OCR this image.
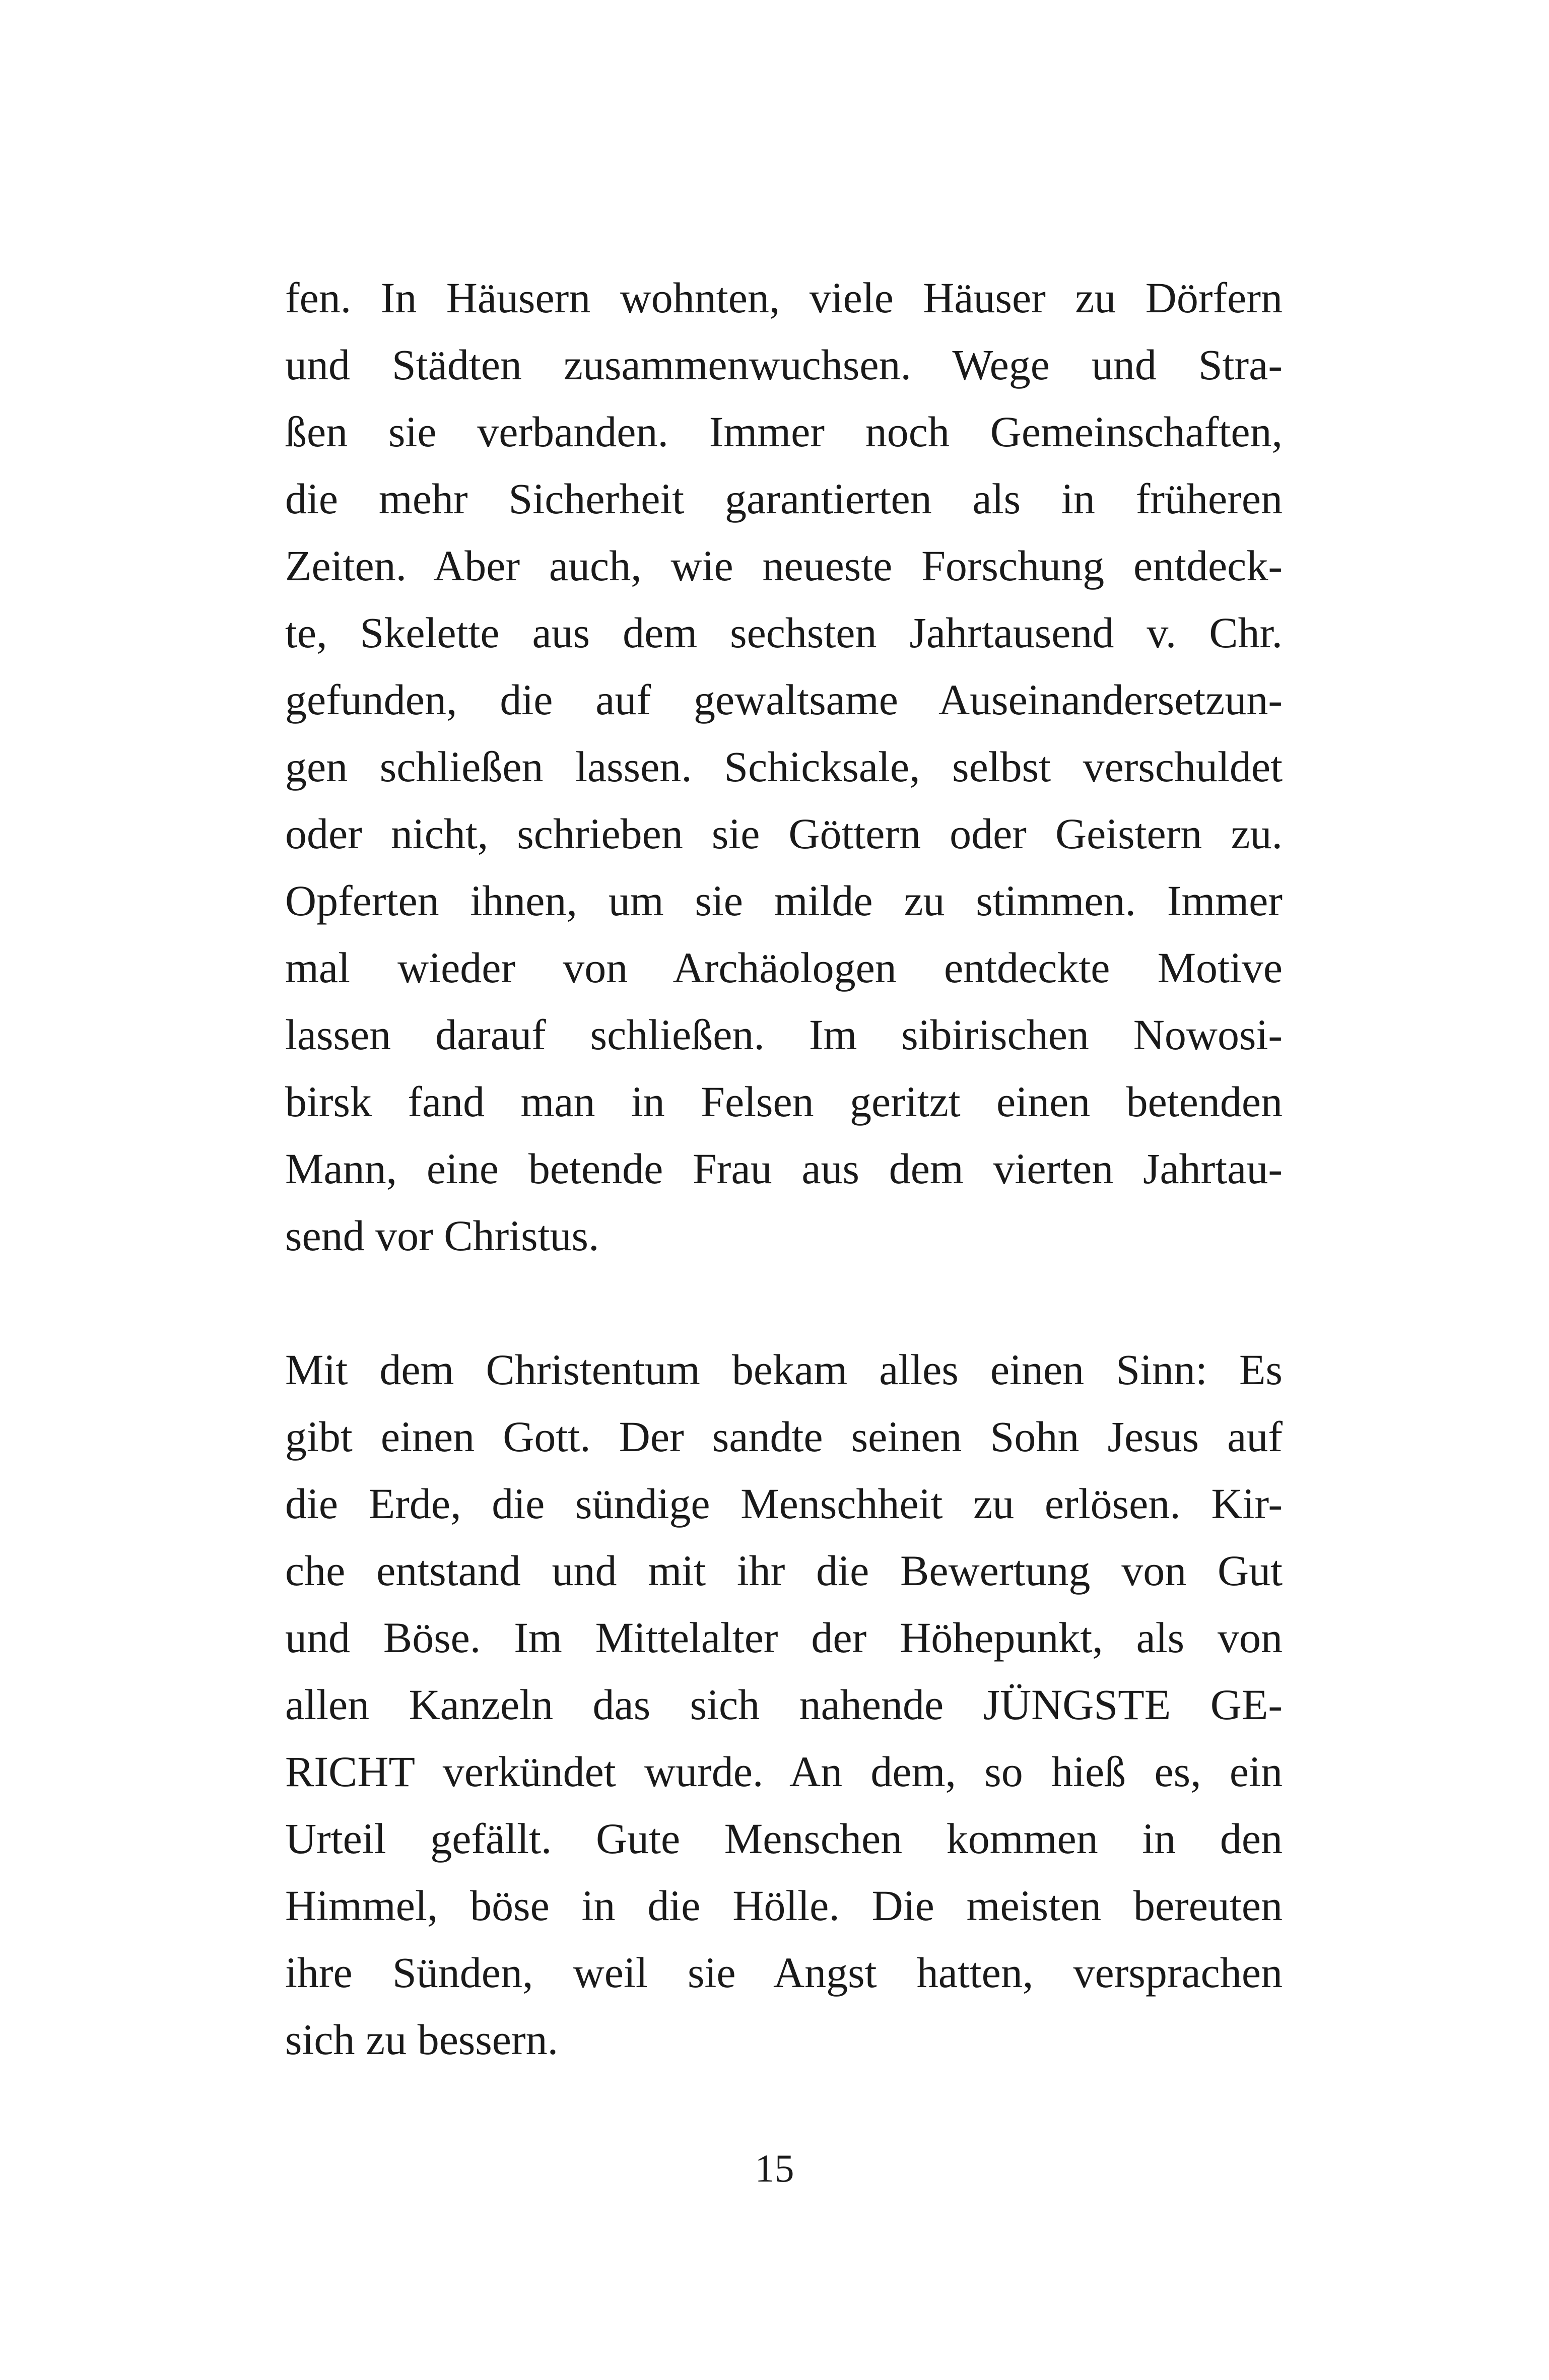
fen. In Häusern wohnten, viele Häuser zu Dörfern
und Städten zusammenwuchsen. Wege und Stra-
ßen sie verbanden. Immer noch Gemeinschaften,
die mehr Sicherheit garantierten als in früheren
Zeiten. Aber auch, wie neueste Forschung entdeck-
te, Skelette aus dem sechsten Jahrtausend v. Chr.
gefunden, die auf gewaltsame Auseinandersetzun-
gen schließen lassen. Schicksale, selbst verschuldet
oder nicht, schrieben sie Göttern oder Geistern zu.
Opferten ihnen, um sie milde zu stimmen. Immer
mal wieder von Archäologen entdeckte Motive
lassen darauf schließen. Im sibirischen Nowosi-
birsk fand man in Felsen geritzt einen betenden
Mann, eine betende Frau aus dem vierten Jahrtau-
send vor Christus.
Mit dem Christentum bekam alles einen Sinn: Es
gibt einen Gott. Der sandte seinen Sohn Jesus auf
die Erde, die sündige Menschheit zu erlösen. Kir-
che entstand und mit ihr die Bewertung von Gut
und Böse. Im Mittelalter der Höhepunkt, als von
allen Kanzeln das sich nahende JÜNGSTE GE-
RICHT verkündet wurde. An dem, so hieß es, ein
Urteil gefällt. Gute Menschen kommen in den
Himmel, böse in die Hölle. Die meisten bereuten
ihre Sünden, weil sie Angst hatten, versprachen
sich zu bessern.
15
